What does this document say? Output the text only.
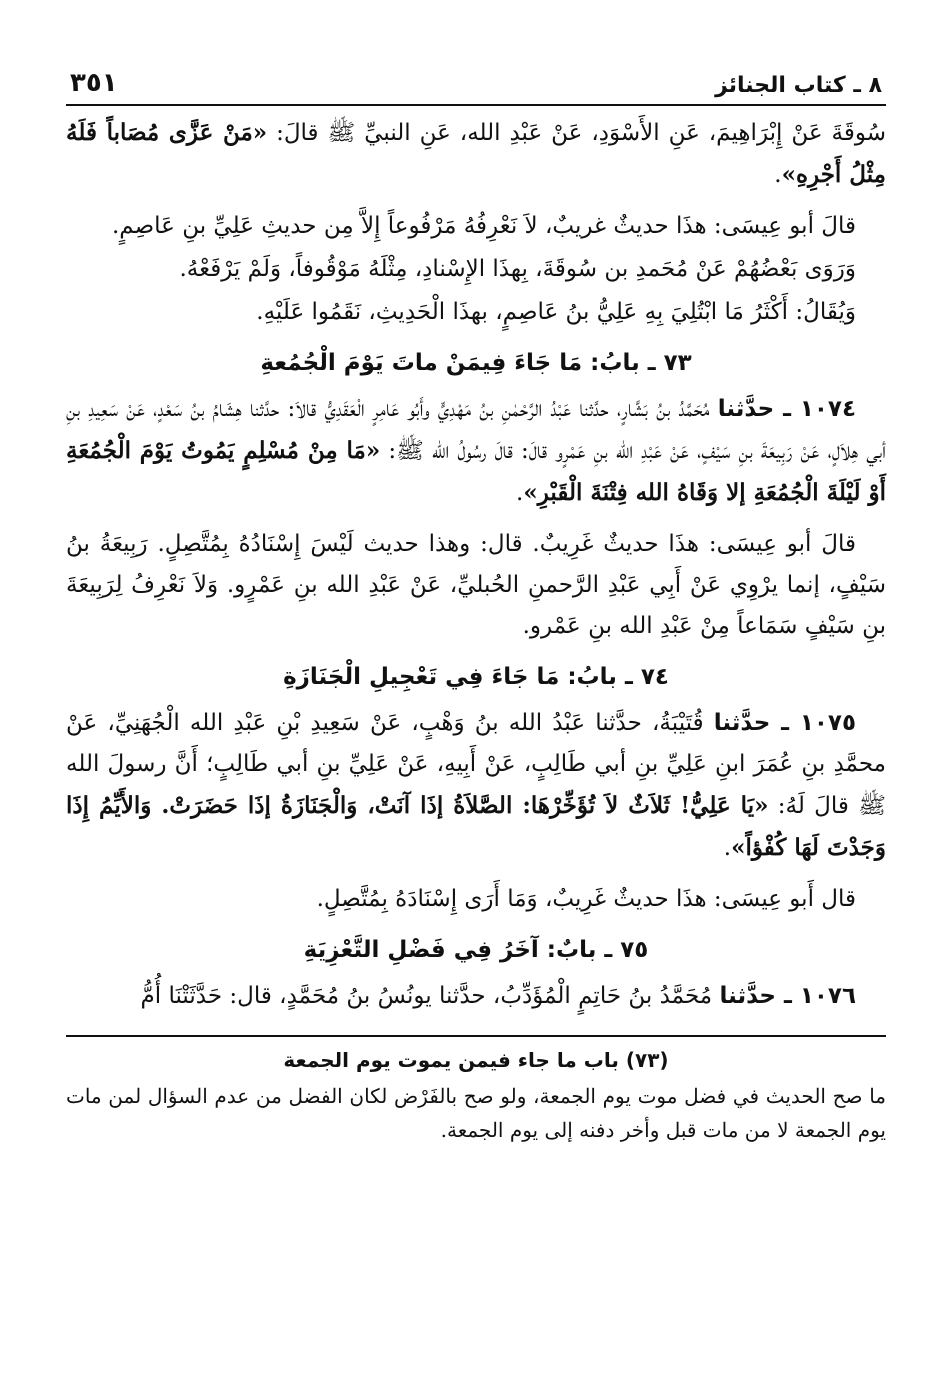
٨ ـ كتاب الجنائز
٣٥١

سُوقَةَ عَنْ إِبْرَاهِيمَ، عَنِ الأَسْوَدِ، عَنْ عَبْدِ الله، عَنِ النبيِّ ﷺ قالَ: «مَنْ عَزَّى مُصَاباً فَلَهُ مِثْلُ أَجْرِهِ».

قالَ أبو عِيسَى: هذَا حديثٌ غريبٌ، لاَ نَعْرِفُهُ مَرْفُوعاً إِلاَّ مِن حديثِ عَلِيِّ بنِ عَاصِمٍ.

وَرَوَى بَعْضُهُمْ عَنْ مُحَمدِ بن سُوقَةَ، بِهذَا الإِسْنادِ، مِثْلَهُ مَوْقُوفاً، وَلَمْ يَرْفَعْهُ.

وَيُقَالُ: أَكْثَرُ مَا ابْتُلِيَ بِهِ عَلِيُّ بنُ عَاصِمٍ، بهذَا الْحَدِيثِ، نَقَمُوا عَلَيْهِ.

٧٣ ـ بابُ: مَا جَاءَ فِيمَنْ ماتَ يَوْمَ الْجُمُعةِ

١٠٧٤ ـ حدَّثنا مُحَمَّدُ بنُ بَشَّارٍ، حدَّثنا عَبْدُ الرَّحْمٰنِ بنُ مَهْدِيٍّ وأَبُو عَامِرٍ الْعَقَدِيُّ قالاَ: حدَّثنا هِشَامُ بنُ سَعْدٍ، عَنْ سَعِيدِ بنِ أبي هِلاَلٍ، عَنْ رَبِيعَةَ بنِ سَيْفٍ، عَنْ عَبْدِ الله بنِ عَمْرٍو قالَ: قالَ رسُولُ الله ﷺ: «مَا مِنْ مُسْلِمٍ يَمُوتُ يَوْمَ الْجُمُعَةِ أَوْ لَيْلَةَ الْجُمُعَةِ إلا وَقَاهُ الله فِتْنَةَ الْقَبْرِ».

قالَ أبو عِيسَى: هذَا حديثٌ غَرِيبٌ. قال: وهذا حديث لَيْسَ إِسْنَادُهُ بِمُتَّصِلٍ. رَبِيعَةُ بنُ سَيْفٍ، إنما يرْوِي عَنْ أَبِي عَبْدِ الرَّحمنِ الحُبليِّ، عَنْ عَبْدِ الله بنِ عَمْرٍو. وَلاَ نَعْرِفُ لِرَبِيعَةَ بنِ سَيْفٍ سَمَاعاً مِنْ عَبْدِ الله بنِ عَمْرو.

٧٤ ـ بابُ: مَا جَاءَ فِي تَعْجِيلِ الْجَنَازَةِ

١٠٧٥ ـ حدَّثنا قُتَيْبَةُ، حدَّثنا عَبْدُ الله بنُ وَهْبٍ، عَنْ سَعِيدِ بْنِ عَبْدِ الله الْجُهَنِيِّ، عَنْ محمَّدِ بنِ عُمَرَ ابنِ عَلِيِّ بنِ أبي طَالِبٍ، عَنْ أَبِيهِ، عَنْ عَلِيِّ بنِ أبي طَالِبٍ؛ أَنَّ رسولَ الله ﷺ قالَ لَهُ: «يَا عَلِيُّ! ثَلاَثٌ لاَ تُؤَخِّرْهَا: الصَّلاَةُ إذَا آنَتْ، وَالْجَنَازَةُ إذَا حَضَرَتْ. وَالأَيِّمُ إِذَا وَجَدْتَ لَهَا كُفْؤاً».

قال أَبو عِيسَى: هذَا حديثٌ غَرِيبٌ، وَمَا أَرَى إِسْنَادَهُ بِمُتَّصِلٍ.

٧٥ ـ بابٌ: آخَرُ فِي فَضْلِ التَّعْزِيَةِ

١٠٧٦ ـ حدَّثنا مُحَمَّدُ بنُ حَاتِمٍ الْمُؤَدِّبُ، حدَّثنا يونُسُ بنُ مُحَمَّدٍ، قال: حَدَّثَتْنَا أُمُّ

(٧٣) باب ما جاء فيمن يموت يوم الجمعة

ما صح الحديث في فضل موت يوم الجمعة، ولو صح بالفَرْض لكان الفضل من عدم السؤال لمن مات يوم الجمعة لا من مات قبل وأخر دفنه إلى يوم الجمعة.
